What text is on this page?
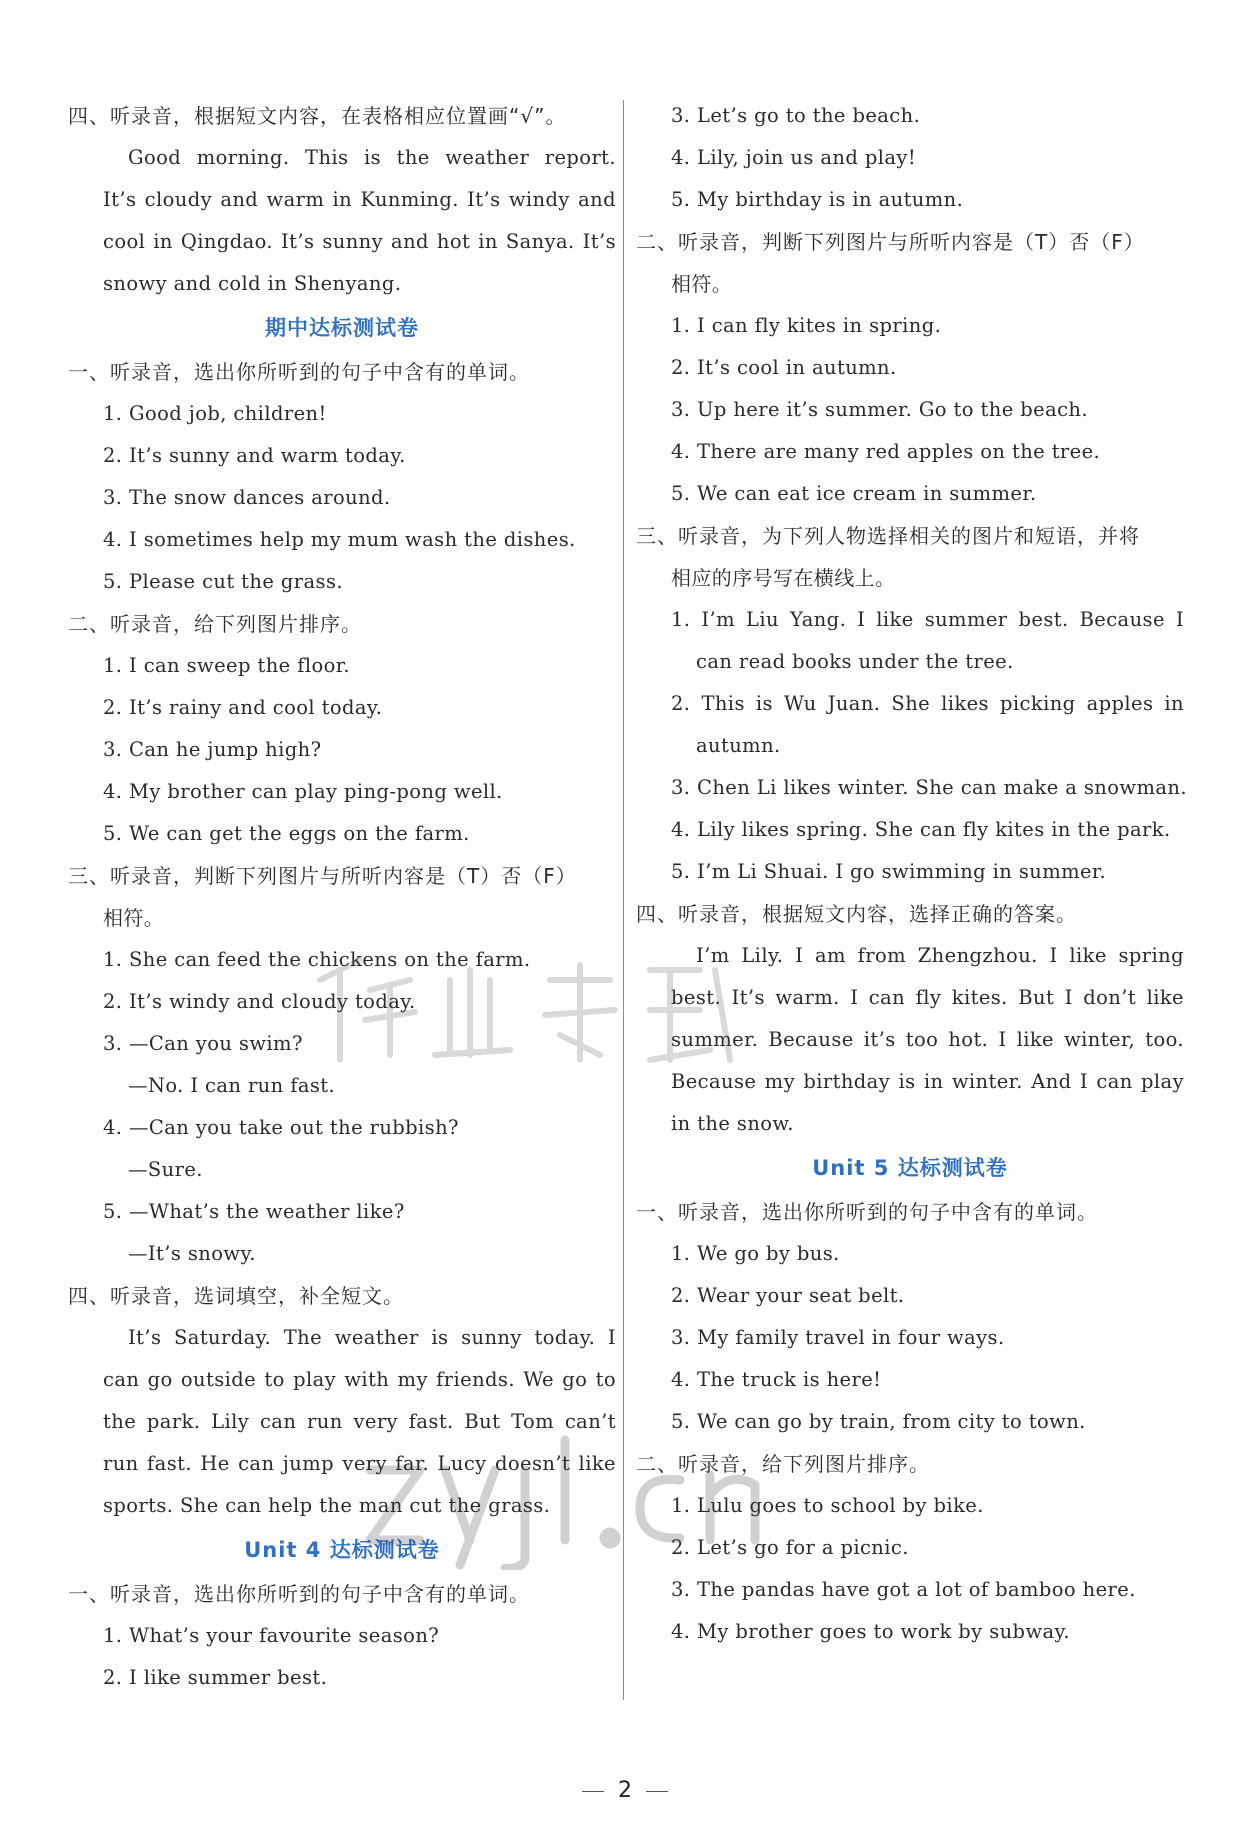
四、听录音，根据短文内容，在表格相应位置画“√”。
Good morning. This is the weather report.
It’s cloudy and warm in Kunming. It’s windy and
cool in Qingdao. It’s sunny and hot in Sanya. It’s
snowy and cold in Shenyang.
期中达标测试卷
一、听录音，选出你所听到的句子中含有的单词。
1. Good job, children!
2. It’s sunny and warm today.
3. The snow dances around.
4. I sometimes help my mum wash the dishes.
5. Please cut the grass.
二、听录音，给下列图片排序。
1. I can sweep the floor.
2. It’s rainy and cool today.
3. Can he jump high?
4. My brother can play ping-pong well.
5. We can get the eggs on the farm.
三、听录音，判断下列图片与所听内容是（T）否（F）
相符。
1. She can feed the chickens on the farm.
2. It’s windy and cloudy today.
3. —Can you swim?
—No. I can run fast.
4. —Can you take out the rubbish?
—Sure.
5. —What’s the weather like?
—It’s snowy.
四、听录音，选词填空，补全短文。
It’s Saturday. The weather is sunny today. I
can go outside to play with my friends. We go to
the park. Lily can run very fast. But Tom can’t
run fast. He can jump very far. Lucy doesn’t like
sports. She can help the man cut the grass.
Unit 4 达标测试卷
一、听录音，选出你所听到的句子中含有的单词。
1. What’s your favourite season?
2. I like summer best.
3. Let’s go to the beach.
4. Lily, join us and play!
5. My birthday is in autumn.
二、听录音，判断下列图片与所听内容是（T）否（F）
相符。
1. I can fly kites in spring.
2. It’s cool in autumn.
3. Up here it’s summer. Go to the beach.
4. There are many red apples on the tree.
5. We can eat ice cream in summer.
三、听录音，为下列人物选择相关的图片和短语，并将
相应的序号写在横线上。
1. I’m Liu Yang. I like summer best. Because I
can read books under the tree.
2. This is Wu Juan. She likes picking apples in
autumn.
3. Chen Li likes winter. She can make a snowman.
4. Lily likes spring. She can fly kites in the park.
5. I’m Li Shuai. I go swimming in summer.
四、听录音，根据短文内容，选择正确的答案。
I’m Lily. I am from Zhengzhou. I like spring
best. It’s warm. I can fly kites. But I don’t like
summer. Because it’s too hot. I like winter, too.
Because my birthday is in winter. And I can play
in the snow.
Unit 5 达标测试卷
一、听录音，选出你所听到的句子中含有的单词。
1. We go by bus.
2. Wear your seat belt.
3. My family travel in four ways.
4. The truck is here!
5. We can go by train, from city to town.
二、听录音，给下列图片排序。
1. Lulu goes to school by bike.
2. Let’s go for a picnic.
3. The pandas have got a lot of bamboo here.
4. My brother goes to work by subway.
2
